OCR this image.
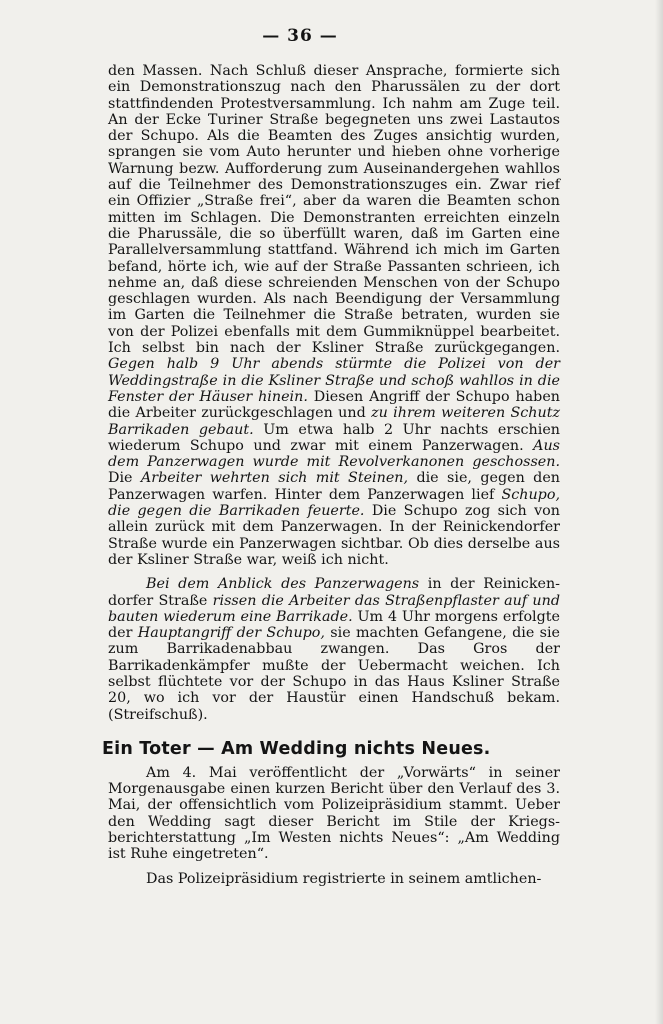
— 36 —

den Massen. Nach Schluß dieser Ansprache, formierte sich ein Demonstrationszug nach den Pharussälen zu der dort stattfindenden Protestversammlung. Ich nahm am Zuge teil. An der Ecke Turiner Straße begegneten uns zwei Lastautos der Schupo. Als die Beamten des Zuges ansichtig wurden, sprangen sie vom Auto herunter und hieben ohne vorherige Warnung bezw. Aufforderung zum Auseinandergehen wahllos auf die Teilnehmer des Demonstrationszuges ein. Zwar rief ein Offizier „Straße frei“, aber da waren die Beamten schon mitten im Schlagen. Die Demonstranten erreichten einzeln die Pharussäle, die so überfüllt waren, daß im Garten eine Parallelversammlung stattfand. Während ich mich im Garten befand, hörte ich, wie auf der Straße Passanten schrieen, ich nehme an, daß diese schreienden Menschen von der Schupo geschlagen wurden. Als nach Beendigung der Versammlung im Garten die Teilnehmer die Straße betraten, wurden sie von der Polizei ebenfalls mit dem Gummiknüppel bearbeitet. Ich selbst bin nach der Ksliner Straße zurückgegangen. Gegen halb 9 Uhr abends stürmte die Polizei von der Weddingstraße in die Ksliner Straße und schoß wahllos in die Fenster der Häuser hinein. Diesen Angriff der Schupo haben die Arbeiter zurückgeschlagen und zu ihrem weiteren Schutz Barrikaden gebaut. Um etwa halb 2 Uhr nachts erschien wiederum Schupo und zwar mit einem Panzerwagen. Aus dem Panzerwagen wurde mit Revolverkanonen geschossen. Die Arbeiter wehrten sich mit Steinen, die sie, gegen den Panzerwagen warfen. Hinter dem Panzerwagen lief Schupo, die gegen die Barrikaden feuerte. Die Schupo zog sich von allein zurück mit dem Panzerwagen. In der Reinickendorfer Straße wurde ein Panzerwagen sichtbar. Ob dies derselbe aus der Ksliner Straße war, weiß ich nicht.

Bei dem Anblick des Panzerwagens in der Reinickendorfer Straße rissen die Arbeiter das Straßenpflaster auf und bauten wiederum eine Barrikade. Um 4 Uhr morgens erfolgte der Hauptangriff der Schupo, sie machten Gefangene, die sie zum Barrikadenabbau zwangen. Das Gros der Barrikadenkämpfer mußte der Uebermacht weichen. Ich selbst flüchtete vor der Schupo in das Haus Ksliner Straße 20, wo ich vor der Haustür einen Handschuß bekam. (Streifschuß).

Ein Toter — Am Wedding nichts Neues.

Am 4. Mai veröffentlicht der „Vorwärts“ in seiner Morgenausgabe einen kurzen Bericht über den Verlauf des 3. Mai, der offensichtlich vom Polizeipräsidium stammt. Ueber den Wedding sagt dieser Bericht im Stile der Kriegsberichterstattung „Im Westen nichts Neues“: „Am Wedding ist Ruhe eingetreten“.

Das Polizeipräsidium registrierte in seinem amtlichen-
